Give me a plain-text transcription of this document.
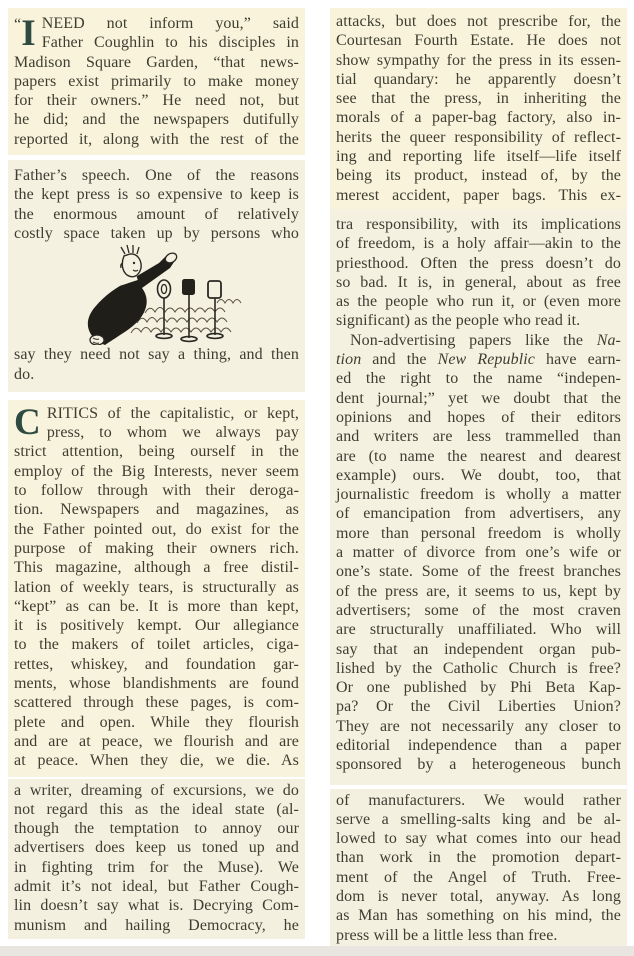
“I NEED not inform you,” said
Father Coughlin to his disciples in
Madison Square Garden, “that news-
papers exist primarily to make money
for their owners.” He need not, but
he did; and the newspapers dutifully
reported it, along with the rest of the
Father’s speech. One of the reasons
the kept press is so expensive to keep is
the enormous amount of relatively
costly space taken up by persons who
say they need not say a thing, and then
do.
C RITICS of the capitalistic, or kept,
press, to whom we always pay
strict attention, being ourself in the
employ of the Big Interests, never seem
to follow through with their deroga-
tion. Newspapers and magazines, as
the Father pointed out, do exist for the
purpose of making their owners rich.
This magazine, although a free distil-
lation of weekly tears, is structurally as
“kept” as can be. It is more than kept,
it is positively kempt. Our allegiance
to the makers of toilet articles, ciga-
rettes, whiskey, and foundation gar-
ments, whose blandishments are found
scattered through these pages, is com-
plete and open. While they flourish
and are at peace, we flourish and are
at peace. When they die, we die. As
a writer, dreaming of excursions, we do
not regard this as the ideal state (al-
though the temptation to annoy our
advertisers does keep us toned up and
in fighting trim for the Muse). We
admit it’s not ideal, but Father Cough-
lin doesn’t say what is. Decrying Com-
munism and hailing Democracy, he
attacks, but does not prescribe for, the
Courtesan Fourth Estate. He does not
show sympathy for the press in its essen-
tial quandary: he apparently doesn’t
see that the press, in inheriting the
morals of a paper-bag factory, also in-
herits the queer responsibility of reflect-
ing and reporting life itself—life itself
being its product, instead of, by the
merest accident, paper bags. This ex-
tra responsibility, with its implications
of freedom, is a holy affair—akin to the
priesthood. Often the press doesn’t do
so bad. It is, in general, about as free
as the people who run it, or (even more
significant) as the people who read it.
Non-advertising papers like the Na-
tion and the New Republic have earn-
ed the right to the name “indepen-
dent journal;” yet we doubt that the
opinions and hopes of their editors
and writers are less trammelled than
are (to name the nearest and dearest
example) ours. We doubt, too, that
journalistic freedom is wholly a matter
of emancipation from advertisers, any
more than personal freedom is wholly
a matter of divorce from one’s wife or
one’s state. Some of the freest branches
of the press are, it seems to us, kept by
advertisers; some of the most craven
are structurally unaffiliated. Who will
say that an independent organ pub-
lished by the Catholic Church is free?
Or one published by Phi Beta Kap-
pa? Or the Civil Liberties Union?
They are not necessarily any closer to
editorial independence than a paper
sponsored by a heterogeneous bunch
of manufacturers. We would rather
serve a smelling-salts king and be al-
lowed to say what comes into our head
than work in the promotion depart-
ment of the Angel of Truth. Free-
dom is never total, anyway. As long
as Man has something on his mind, the
press will be a little less than free.
